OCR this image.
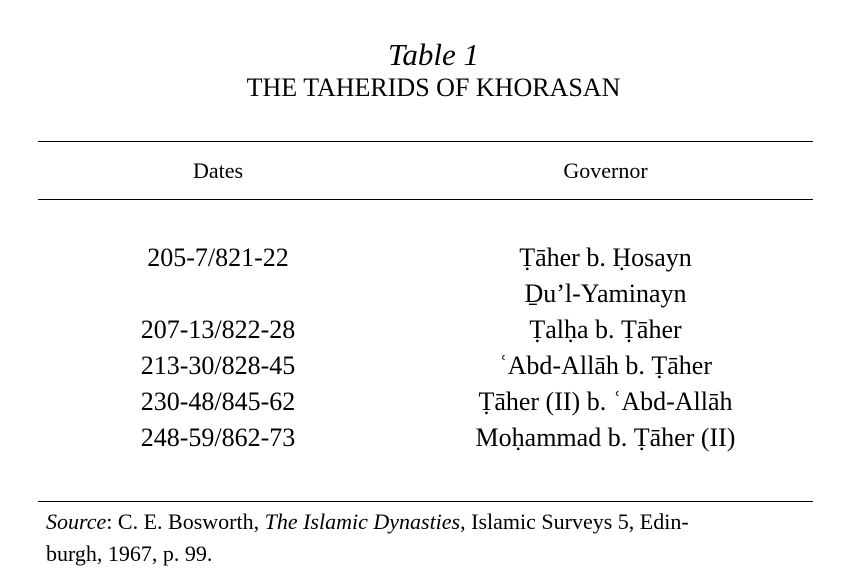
Table 1
THE TAHERIDS OF KHORASAN
Dates	Governor
205-7/821-22	Ṭāher b. Ḥosayn
Ḏu’l-Yaminayn
207-13/822-28	Ṭalḥa b. Ṭāher
213-30/828-45	ʿAbd-Allāh b. Ṭāher
230-48/845-62	Ṭāher (II) b. ʿAbd-Allāh
248-59/862-73	Moḥammad b. Ṭāher (II)
Source: C. E. Bosworth, The Islamic Dynasties, Islamic Surveys 5, Edin-
burgh, 1967, p. 99.
